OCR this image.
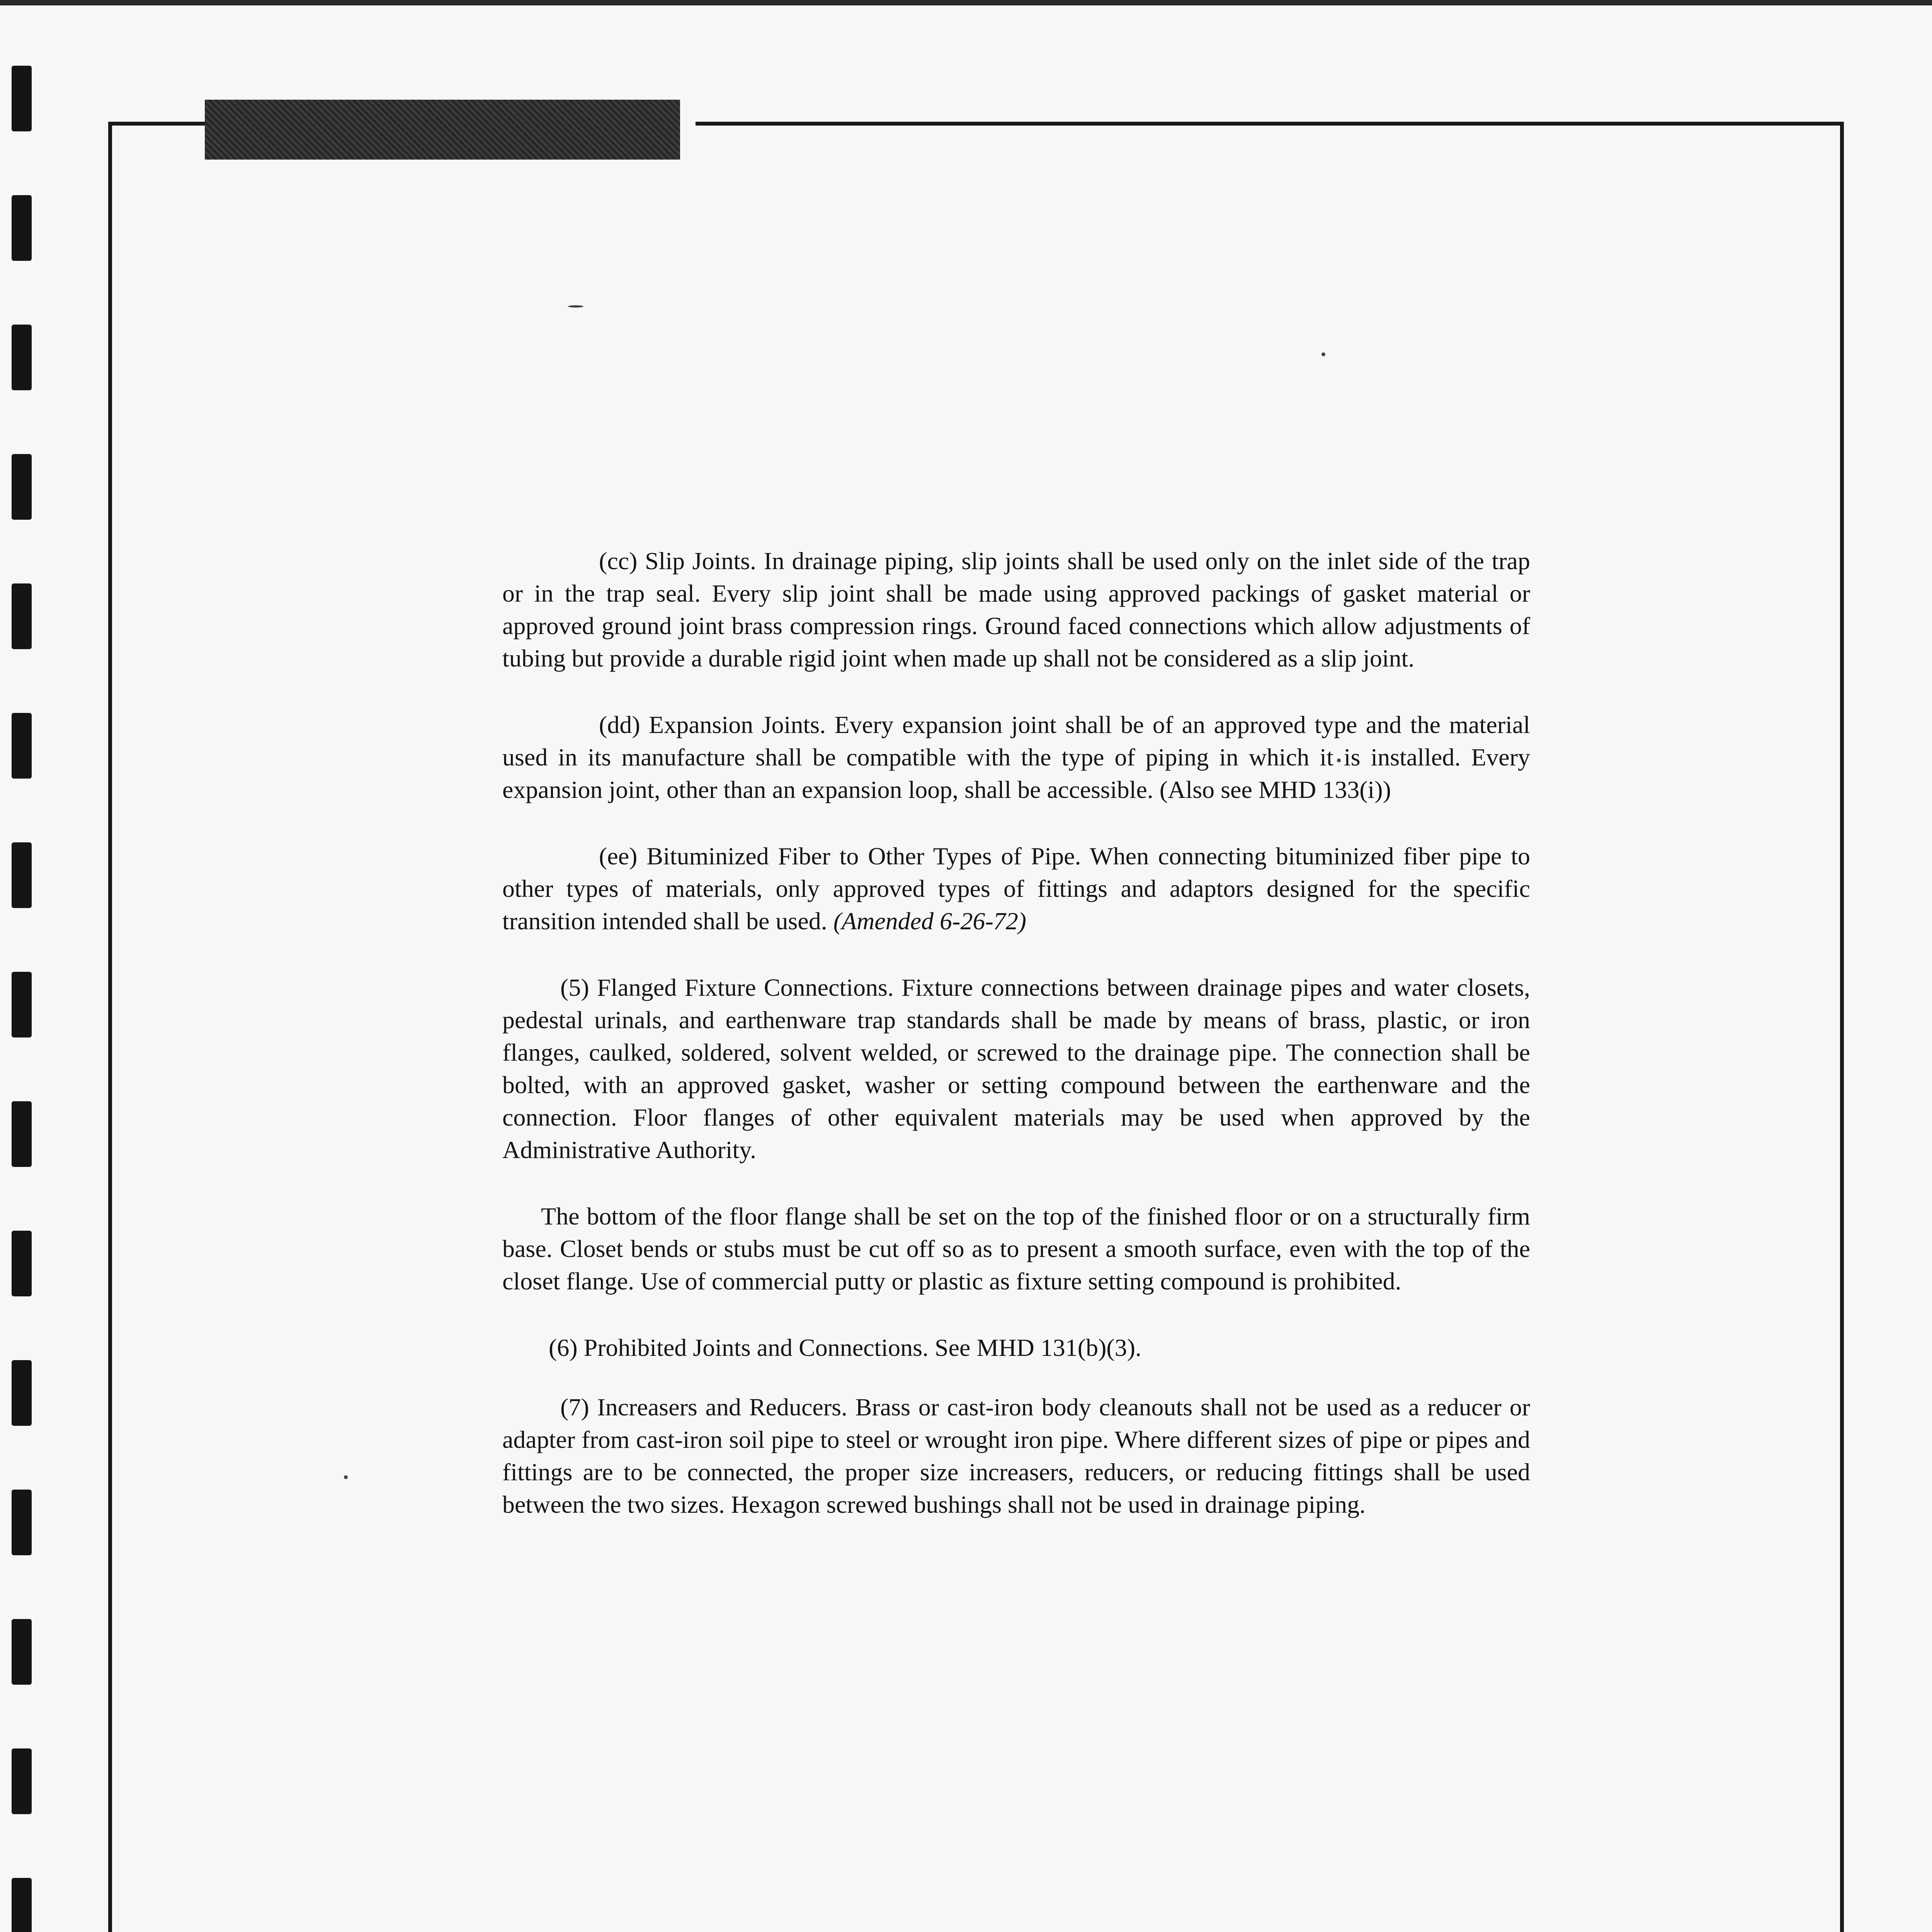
(cc) Slip Joints. In drainage piping, slip joints shall be used only on the inlet side of the trap or in the trap seal. Every slip joint shall be made using approved packings of gasket material or approved ground joint brass compression rings. Ground faced connections which allow adjustments of tubing but provide a durable rigid joint when made up shall not be considered as a slip joint.

(dd) Expansion Joints. Every expansion joint shall be of an approved type and the material used in its manufacture shall be compatible with the type of piping in which it is installed. Every expansion joint, other than an expansion loop, shall be accessible. (Also see MHD 133(i))

(ee) Bituminized Fiber to Other Types of Pipe. When connecting bituminized fiber pipe to other types of materials, only approved types of fittings and adaptors designed for the specific transition intended shall be used. (Amended 6-26-72)

(5) Flanged Fixture Connections. Fixture connections between drainage pipes and water closets, pedestal urinals, and earthenware trap standards shall be made by means of brass, plastic, or iron flanges, caulked, soldered, solvent welded, or screwed to the drainage pipe. The connection shall be bolted, with an approved gasket, washer or setting compound between the earthenware and the connection. Floor flanges of other equivalent materials may be used when approved by the Administrative Authority.

The bottom of the floor flange shall be set on the top of the finished floor or on a structurally firm base. Closet bends or stubs must be cut off so as to present a smooth surface, even with the top of the closet flange. Use of commercial putty or plastic as fixture setting compound is prohibited.

(6) Prohibited Joints and Connections. See MHD 131(b)(3).

(7) Increasers and Reducers. Brass or cast-iron body cleanouts shall not be used as a reducer or adapter from cast-iron soil pipe to steel or wrought iron pipe. Where different sizes of pipe or pipes and fittings are to be connected, the proper size increasers, reducers, or reducing fittings shall be used between the two sizes. Hexagon screwed bushings shall not be used in drainage piping.
